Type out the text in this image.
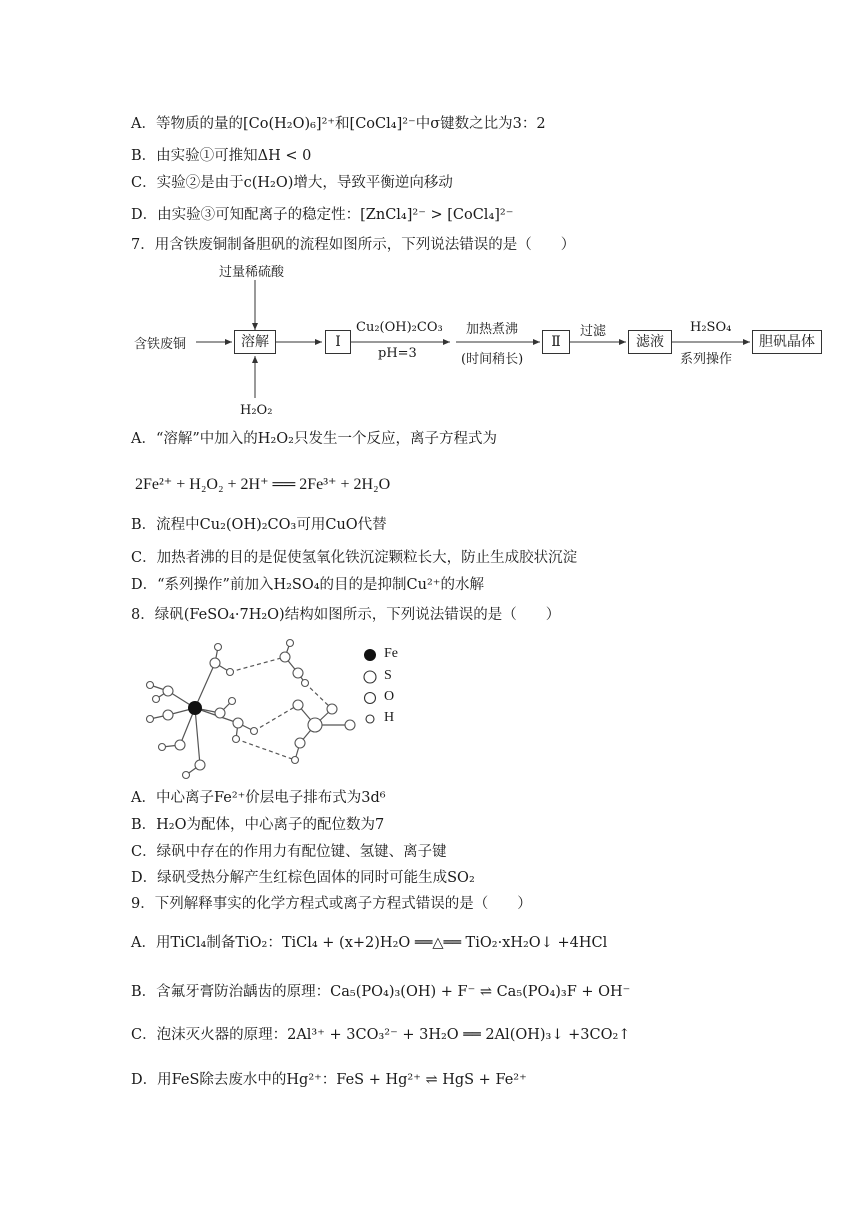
A．等物质的量的[Co(H₂O)₆]²⁺和[CoCl₄]²⁻中σ键数之比为3：2
B．由实验①可推知ΔH < 0
C．实验②是由于c(H₂O)增大，导致平衡逆向移动
D．由实验③可知配离子的稳定性：[ZnCl₄]²⁻ > [CoCl₄]²⁻
7．用含铁废铜制备胆矾的流程如图所示，下列说法错误的是（　　）
过量稀硫酸
含铁废铜	溶解
H₂O₂
Ⅰ
Cu₂(OH)₂CO₃
pH=3
加热煮沸
(时间稍长)
Ⅱ
过滤
滤液
H₂SO₄
系列操作
胆矾晶体
A．“溶解”中加入的H₂O₂只发生一个反应，离子方程式为
2Fe²⁺ + H₂O₂ + 2H⁺ ══ 2Fe³⁺ + 2H₂O
B．流程中Cu₂(OH)₂CO₃可用CuO代替
C．加热者沸的目的是促使氢氧化铁沉淀颗粒长大，防止生成胶状沉淀
D．“系列操作”前加入H₂SO₄的目的是抑制Cu²⁺的水解
8．绿矾(FeSO₄·7H₂O)结构如图所示，下列说法错误的是（　　）
Fe
S
O
H
A．中心离子Fe²⁺价层电子排布式为3d⁶
B．H₂O为配体，中心离子的配位数为7
C．绿矾中存在的作用力有配位键、氢键、离子键
D．绿矾受热分解产生红棕色固体的同时可能生成SO₂
9．下列解释事实的化学方程式或离子方程式错误的是（　　）
A．用TiCl₄制备TiO₂：TiCl₄ + (x+2)H₂O ══△══ TiO₂·xH₂O↓ +4HCl
B．含氟牙膏防治龋齿的原理：Ca₅(PO₄)₃(OH) + F⁻ ⇌ Ca₅(PO₄)₃F + OH⁻
C．泡沫灭火器的原理：2Al³⁺ + 3CO₃²⁻ + 3H₂O ══ 2Al(OH)₃↓ +3CO₂↑
D．用FeS除去废水中的Hg²⁺：FeS + Hg²⁺ ⇌ HgS + Fe²⁺
